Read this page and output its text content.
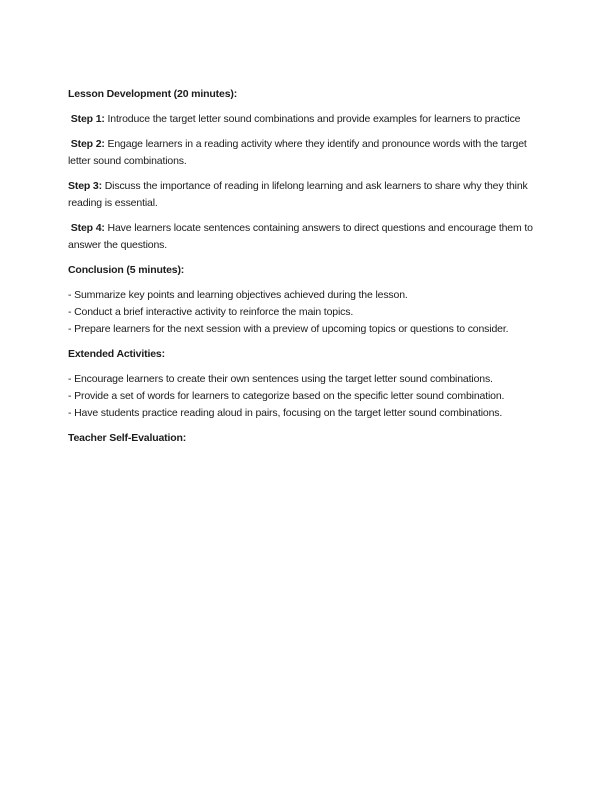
Lesson Development (20 minutes):

Step 1: Introduce the target letter sound combinations and provide examples for learners to practice

Step 2: Engage learners in a reading activity where they identify and pronounce words with the target letter sound combinations.

Step 3: Discuss the importance of reading in lifelong learning and ask learners to share why they think reading is essential.

Step 4: Have learners locate sentences containing answers to direct questions and encourage them to answer the questions.

Conclusion (5 minutes):

- Summarize key points and learning objectives achieved during the lesson.

- Conduct a brief interactive activity to reinforce the main topics.

- Prepare learners for the next session with a preview of upcoming topics or questions to consider.

Extended Activities:

- Encourage learners to create their own sentences using the target letter sound combinations.

- Provide a set of words for learners to categorize based on the specific letter sound combination.

- Have students practice reading aloud in pairs, focusing on the target letter sound combinations.

Teacher Self-Evaluation:
